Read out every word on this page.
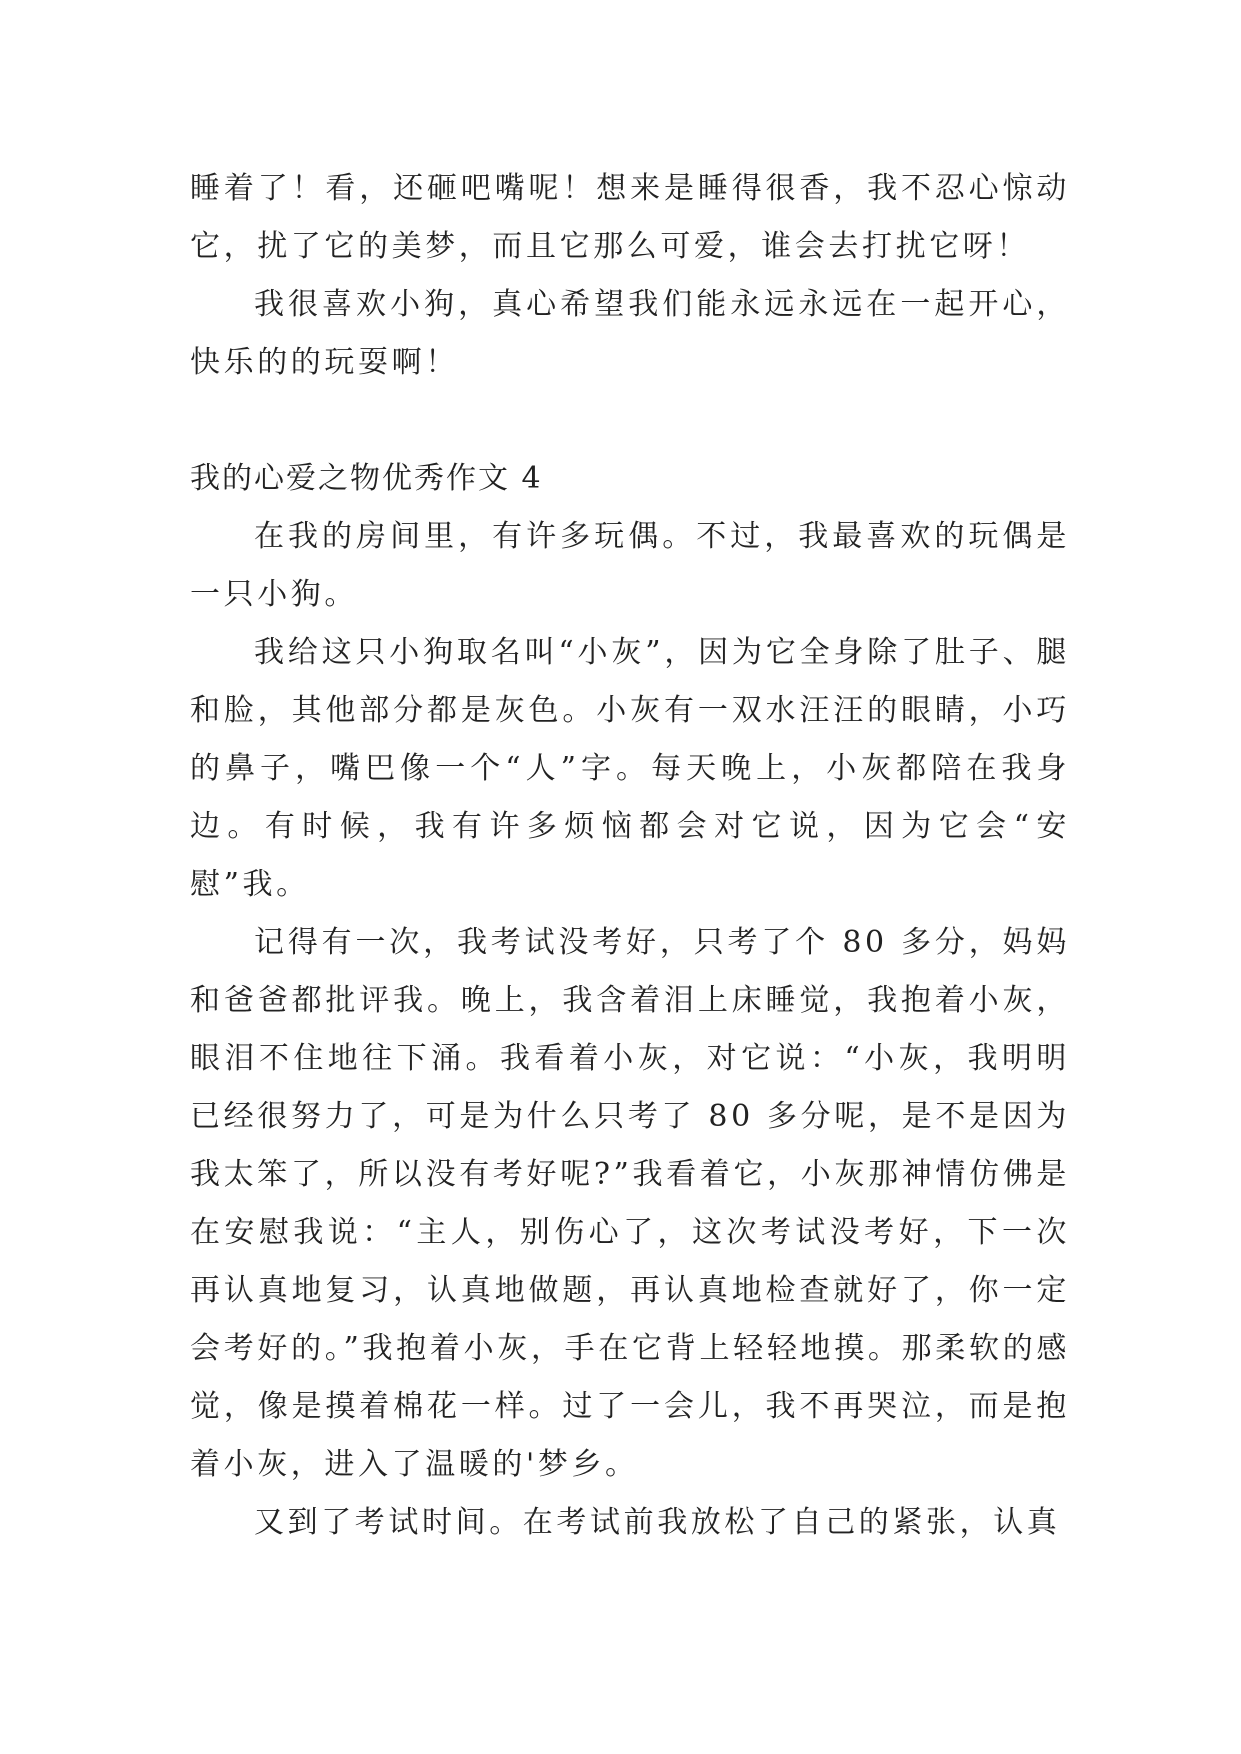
睡着了！看，还砸吧嘴呢！想来是睡得很香，我不忍心惊动它，扰了它的美梦，而且它那么可爱，谁会去打扰它呀！

我很喜欢小狗，真心希望我们能永远永远在一起开心，快乐的的玩耍啊！

我的心爱之物优秀作文 4

在我的房间里，有许多玩偶。不过，我最喜欢的玩偶是一只小狗。

我给这只小狗取名叫“小灰”，因为它全身除了肚子、腿和脸，其他部分都是灰色。小灰有一双水汪汪的眼睛，小巧的鼻子，嘴巴像一个“人”字。每天晚上，小灰都陪在我身边。有时候，我有许多烦恼都会对它说，因为它会“安慰”我。

记得有一次，我考试没考好，只考了个 80 多分，妈妈和爸爸都批评我。晚上，我含着泪上床睡觉，我抱着小灰，眼泪不住地往下涌。我看着小灰，对它说：“小灰，我明明已经很努力了，可是为什么只考了 80 多分呢，是不是因为我太笨了，所以没有考好呢?”我看着它，小灰那神情仿佛是在安慰我说：“主人，别伤心了，这次考试没考好，下一次再认真地复习，认真地做题，再认真地检查就好了，你一定会考好的。”我抱着小灰，手在它背上轻轻地摸。那柔软的感觉，像是摸着棉花一样。过了一会儿，我不再哭泣，而是抱着小灰，进入了温暖的'梦乡。

又到了考试时间。在考试前我放松了自己的紧张，认真
